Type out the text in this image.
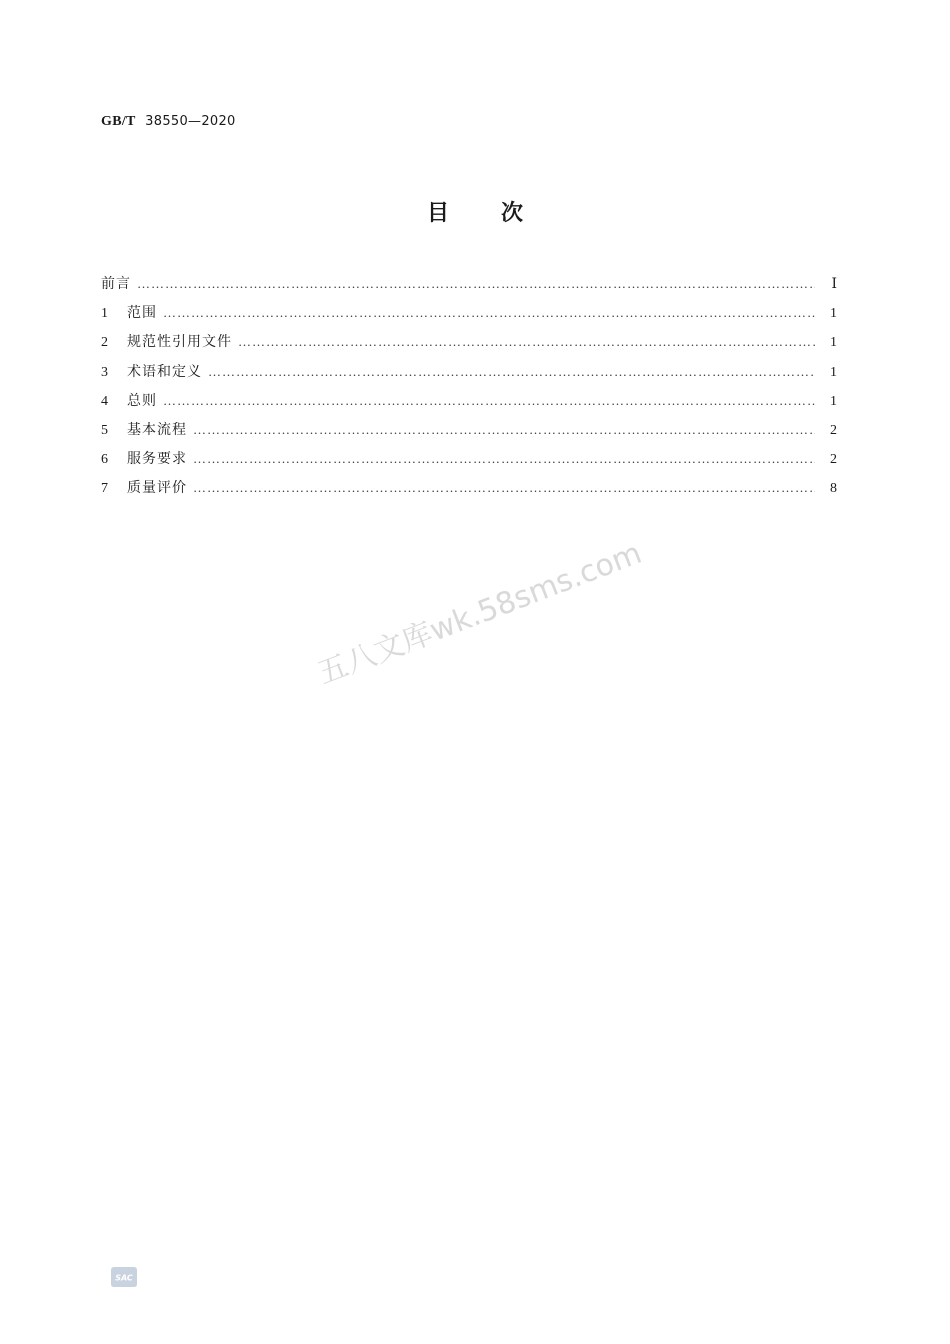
GB/T 38550—2020
目次
前言 …………………………………………………………………………………………………………………………………………………………………………………………	Ⅰ
1	范围 …………………………………………………………………………………………………………………………………………………………………………………………	1
2	规范性引用文件 …………………………………………………………………………………………………………………………………………………………………………………………	1
3	术语和定义 …………………………………………………………………………………………………………………………………………………………………………………………	1
4	总则 …………………………………………………………………………………………………………………………………………………………………………………………	1
5	基本流程 …………………………………………………………………………………………………………………………………………………………………………………………	2
6	服务要求 …………………………………………………………………………………………………………………………………………………………………………………………	2
7	质量评价 …………………………………………………………………………………………………………………………………………………………………………………………	8
五八文库wk.58sms.com
SAC
